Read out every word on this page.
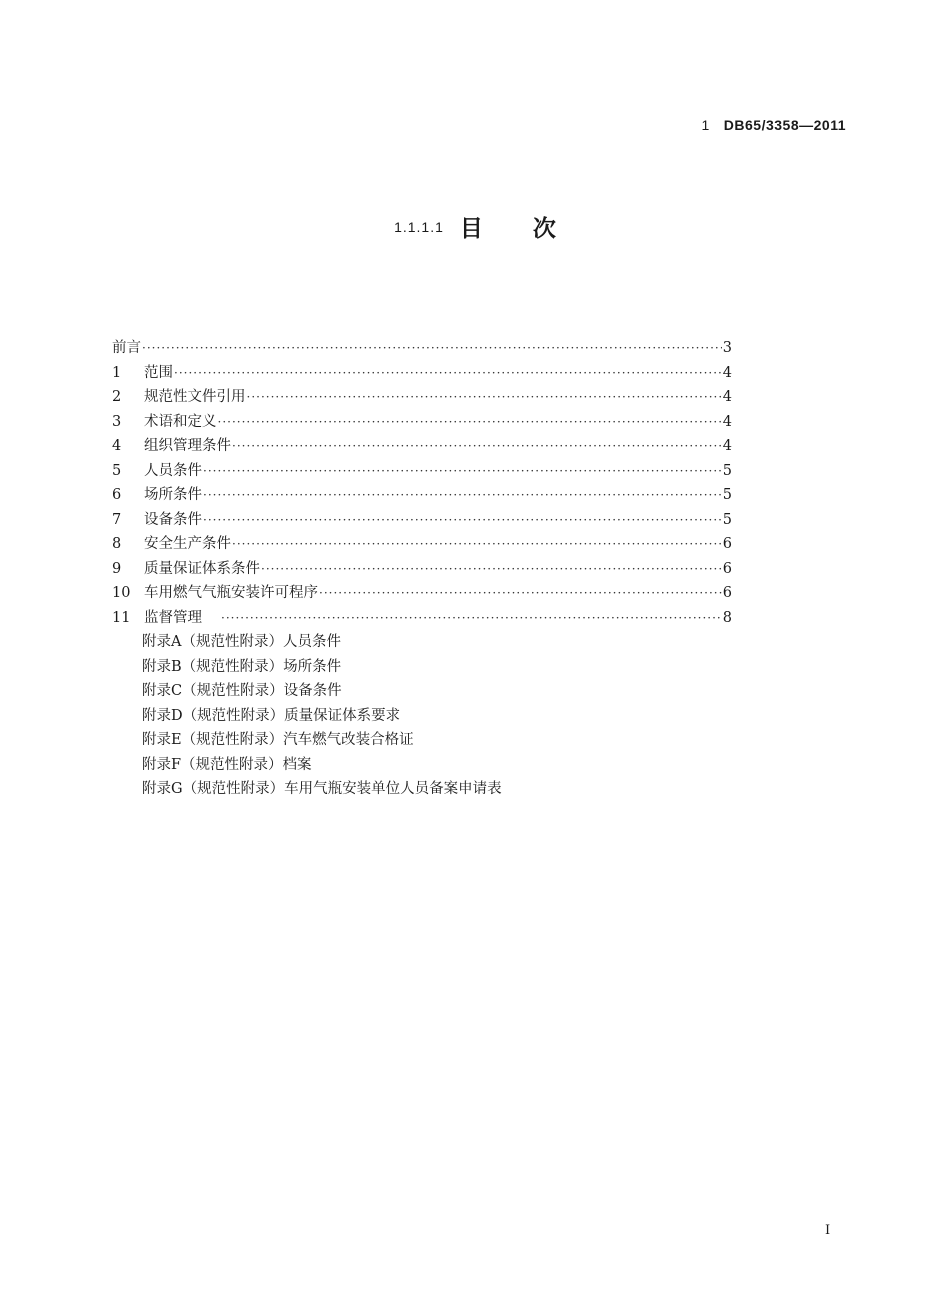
1 DB65/3358—2011
1.1.1.1 目次
前言 ·····	3
1	范围 ·····	4
2	规范性文件引用 ·····	4
3	术语和定义 ·····	4
4	组织管理条件 ·····	4
5	人员条件 ·····	5
6	场所条件 ·····	5
7	设备条件 ·····	5
8	安全生产条件 ·····	6
9	质量保证体系条件 ·····	6
10 车用燃气气瓶安装许可程序 ·····	6
11 监督管理 ·····	8
附录A（规范性附录）人员条件
附录B（规范性附录）场所条件
附录C（规范性附录）设备条件
附录D（规范性附录）质量保证体系要求
附录E（规范性附录）汽车燃气改装合格证
附录F（规范性附录）档案
附录G（规范性附录）车用气瓶安装单位人员备案申请表
I
